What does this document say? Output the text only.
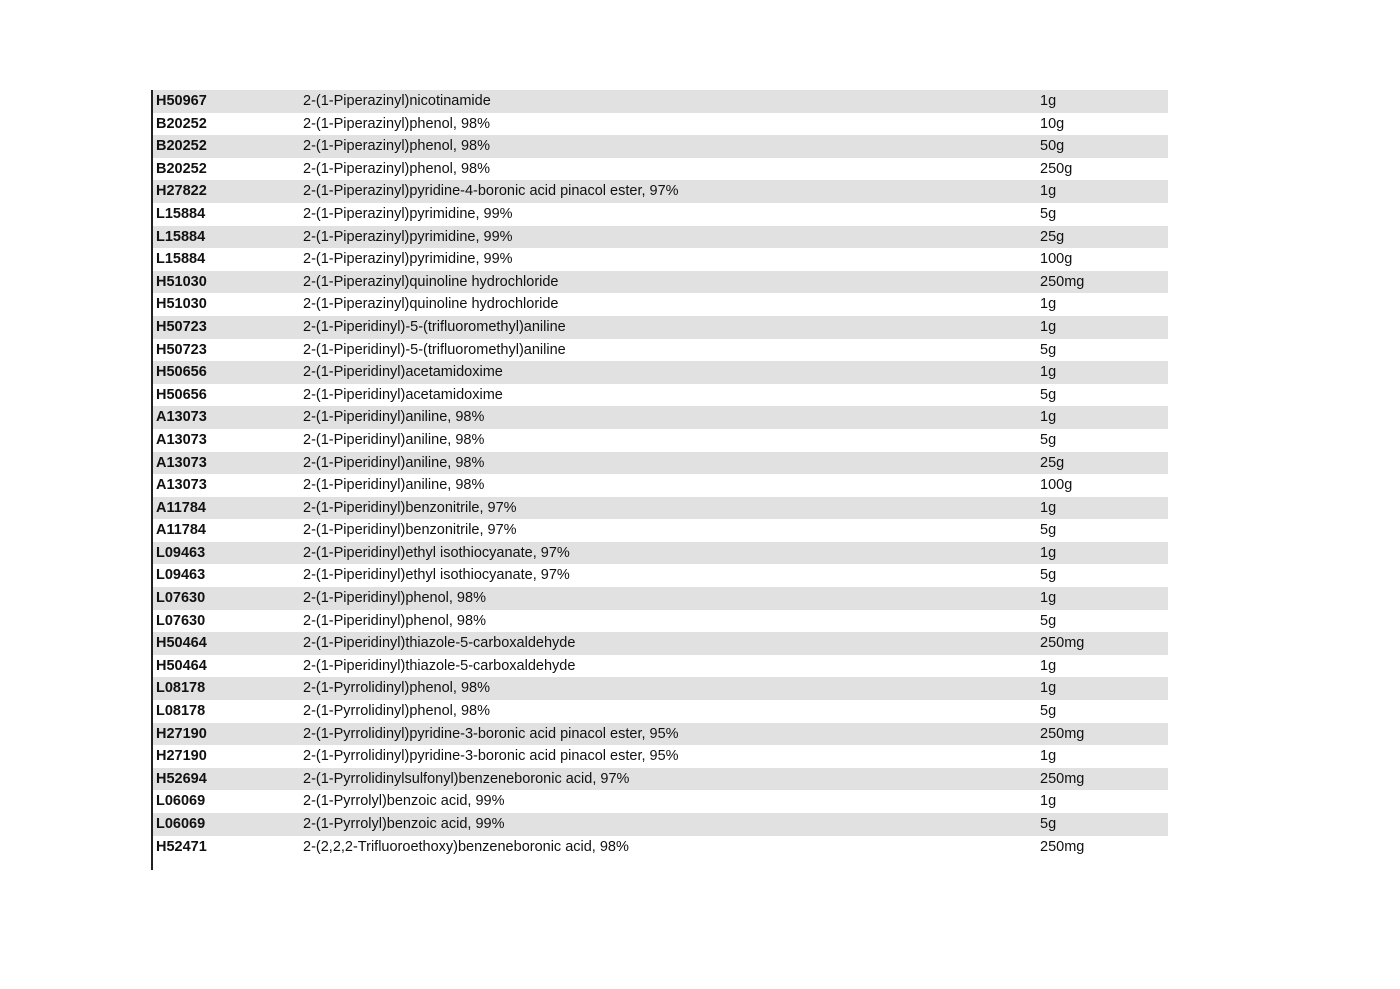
H50967	2-(1-Piperazinyl)nicotinamide	1g
B20252	2-(1-Piperazinyl)phenol, 98%	10g
B20252	2-(1-Piperazinyl)phenol, 98%	50g
B20252	2-(1-Piperazinyl)phenol, 98%	250g
H27822	2-(1-Piperazinyl)pyridine-4-boronic acid pinacol ester, 97%	1g
L15884	2-(1-Piperazinyl)pyrimidine, 99%	5g
L15884	2-(1-Piperazinyl)pyrimidine, 99%	25g
L15884	2-(1-Piperazinyl)pyrimidine, 99%	100g
H51030	2-(1-Piperazinyl)quinoline hydrochloride	250mg
H51030	2-(1-Piperazinyl)quinoline hydrochloride	1g
H50723	2-(1-Piperidinyl)-5-(trifluoromethyl)aniline	1g
H50723	2-(1-Piperidinyl)-5-(trifluoromethyl)aniline	5g
H50656	2-(1-Piperidinyl)acetamidoxime	1g
H50656	2-(1-Piperidinyl)acetamidoxime	5g
A13073	2-(1-Piperidinyl)aniline, 98%	1g
A13073	2-(1-Piperidinyl)aniline, 98%	5g
A13073	2-(1-Piperidinyl)aniline, 98%	25g
A13073	2-(1-Piperidinyl)aniline, 98%	100g
A11784	2-(1-Piperidinyl)benzonitrile, 97%	1g
A11784	2-(1-Piperidinyl)benzonitrile, 97%	5g
L09463	2-(1-Piperidinyl)ethyl isothiocyanate, 97%	1g
L09463	2-(1-Piperidinyl)ethyl isothiocyanate, 97%	5g
L07630	2-(1-Piperidinyl)phenol, 98%	1g
L07630	2-(1-Piperidinyl)phenol, 98%	5g
H50464	2-(1-Piperidinyl)thiazole-5-carboxaldehyde	250mg
H50464	2-(1-Piperidinyl)thiazole-5-carboxaldehyde	1g
L08178	2-(1-Pyrrolidinyl)phenol, 98%	1g
L08178	2-(1-Pyrrolidinyl)phenol, 98%	5g
H27190	2-(1-Pyrrolidinyl)pyridine-3-boronic acid pinacol ester, 95%	250mg
H27190	2-(1-Pyrrolidinyl)pyridine-3-boronic acid pinacol ester, 95%	1g
H52694	2-(1-Pyrrolidinylsulfonyl)benzeneboronic acid, 97%	250mg
L06069	2-(1-Pyrrolyl)benzoic acid, 99%	1g
L06069	2-(1-Pyrrolyl)benzoic acid, 99%	5g
H52471	2-(2,2,2-Trifluoroethoxy)benzeneboronic acid, 98%	250mg
